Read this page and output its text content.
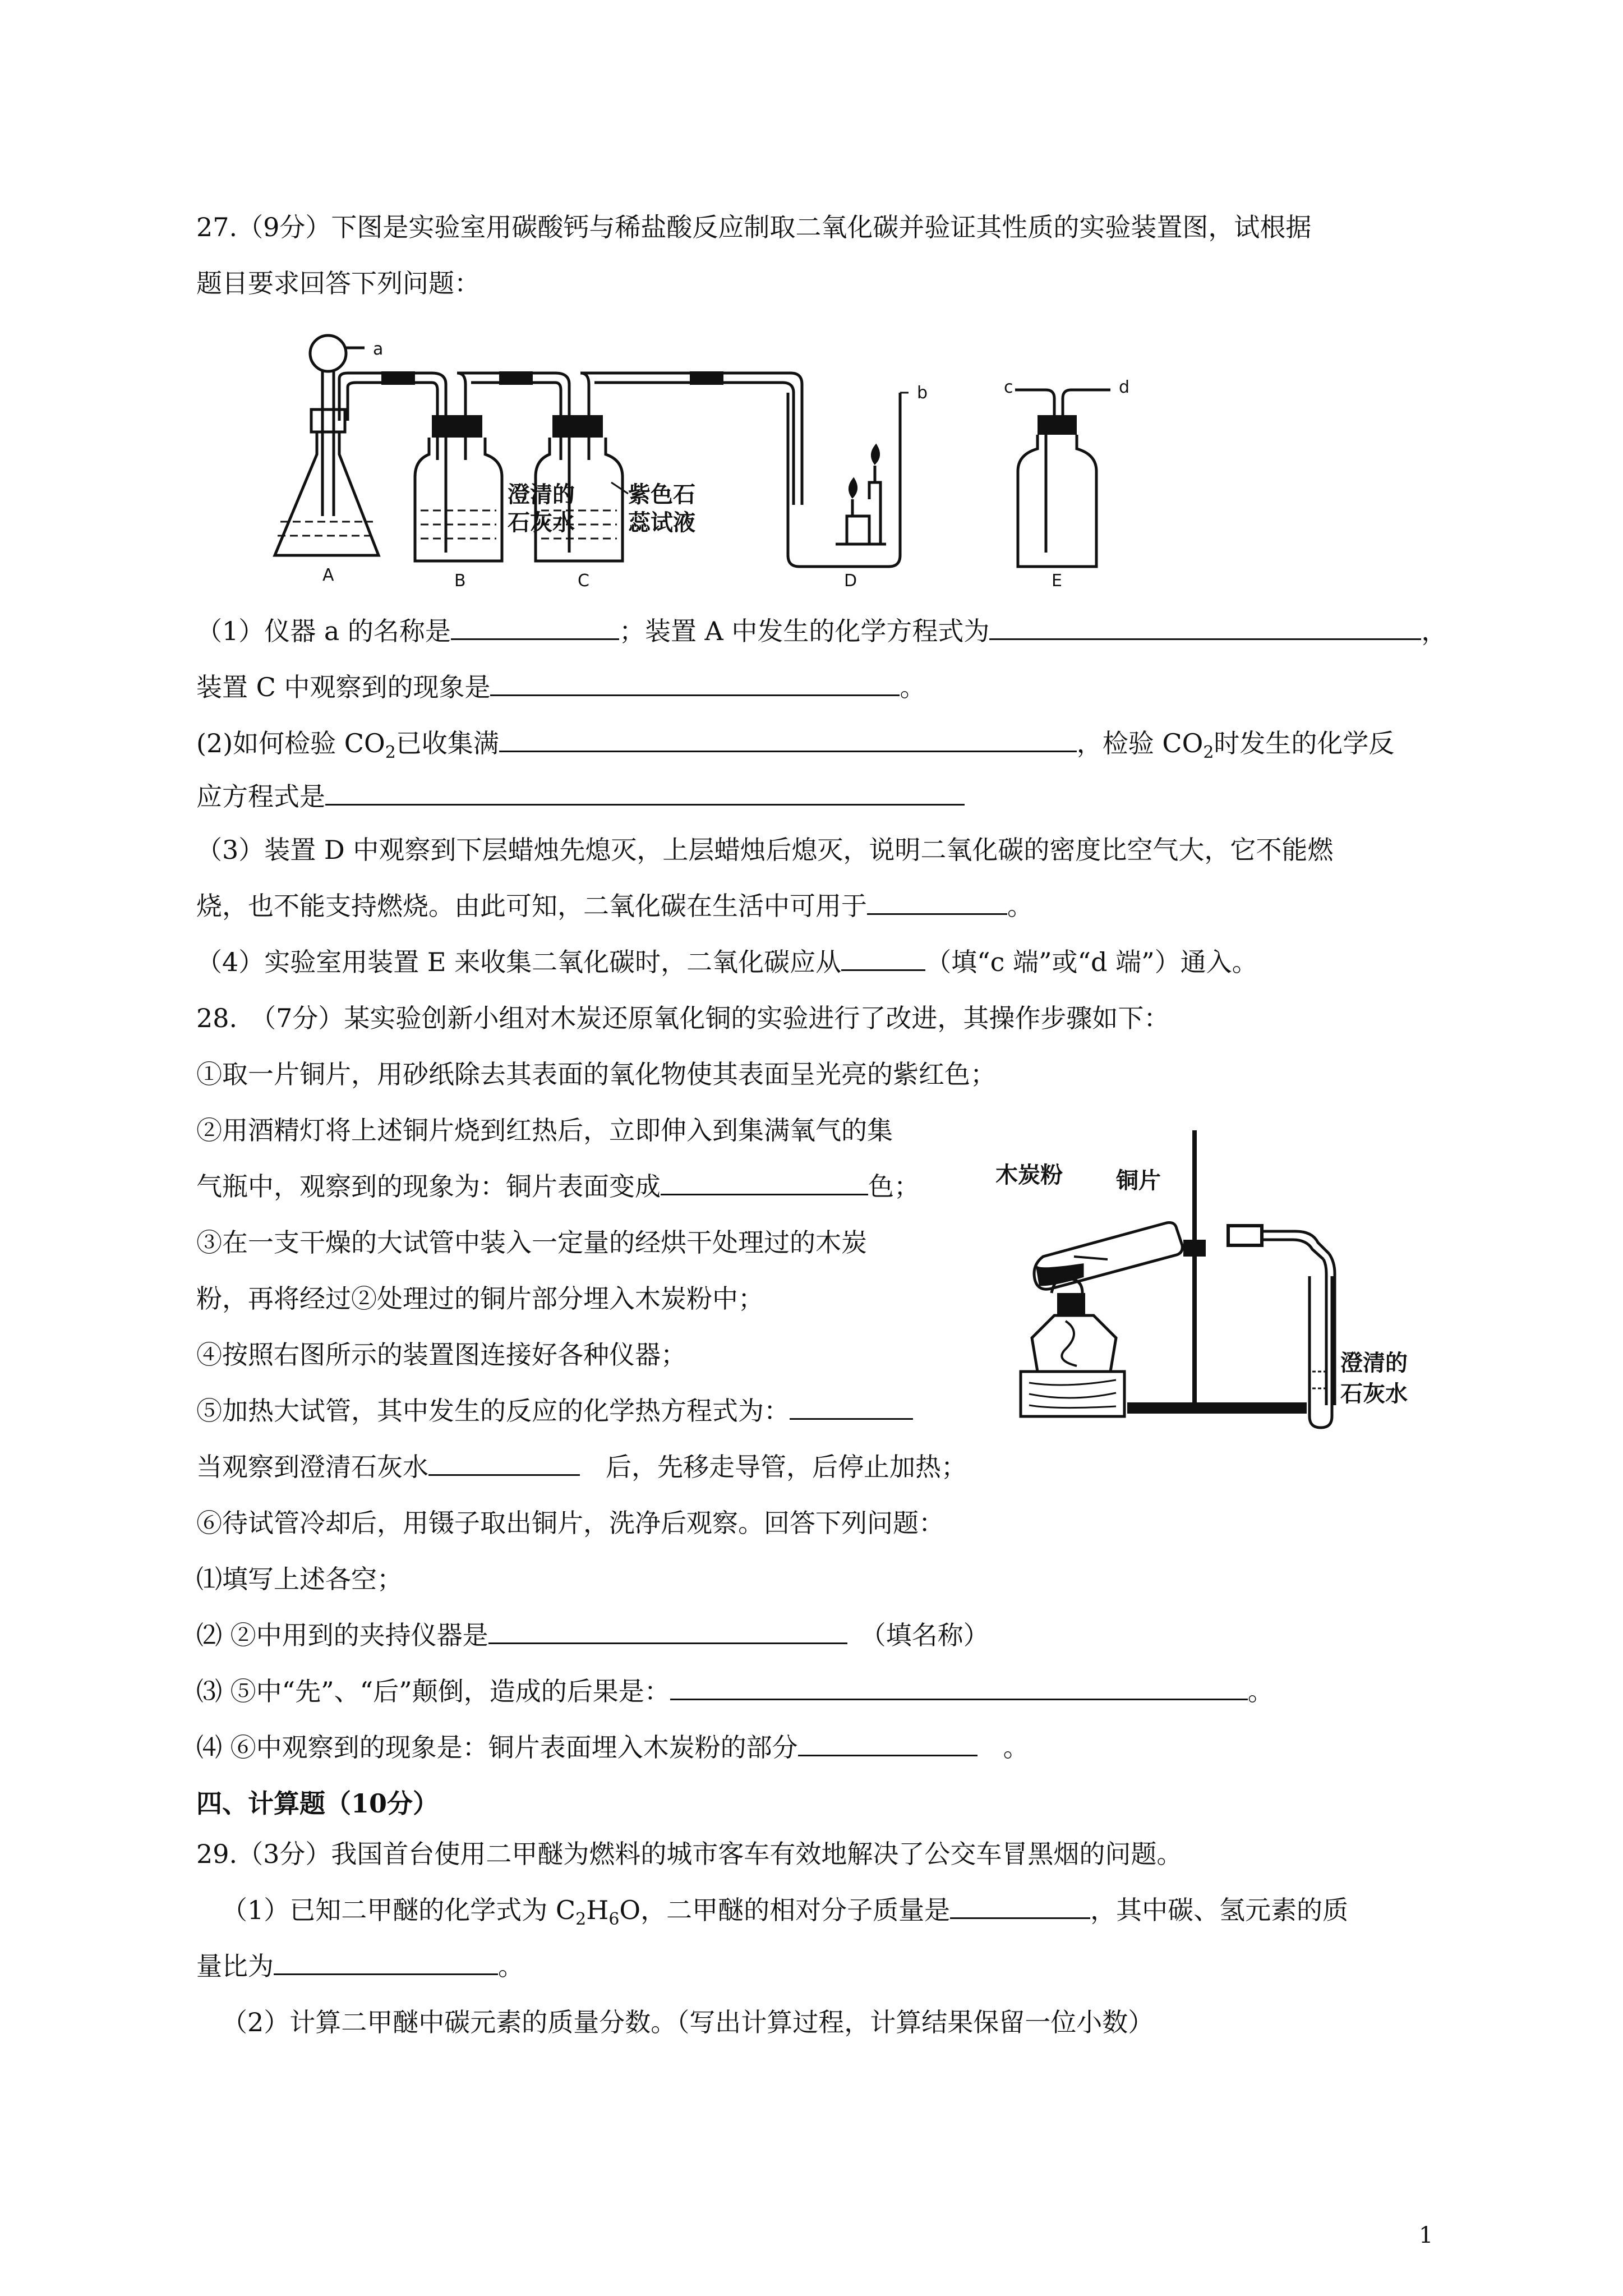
27.（9分）下图是实验室用碳酸钙与稀盐酸反应制取二氧化碳并验证其性质的实验装置图，试根据
题目要求回答下列问题：
a
A	B
澄清的
石灰水
C
紫色石
蕊试液
b
D
c	d
E
（1）仪器 a 的名称是	；装置 A 中发生的化学方程式为	，
装置 C 中观察到的现象是	。
(2)如何检验 $CO_2$已收集满	，检验 $CO_2$时发生的化学反
应方程式是
（3）装置 D 中观察到下层蜡烛先熄灭，上层蜡烛后熄灭，说明二氧化碳的密度比空气大，它不能燃
烧，也不能支持燃烧。由此可知，二氧化碳在生活中可用于	。
（4）实验室用装置 E 来收集二氧化碳时，二氧化碳应从	（填“c 端”或“d 端”）通入。
28.　（7分）某实验创新小组对木炭还原氧化铜的实验进行了改进，其操作步骤如下：
①取一片铜片，用砂纸除去其表面的氧化物使其表面呈光亮的紫红色；
②用酒精灯将上述铜片烧到红热后，立即伸入到集满氧气的集
气瓶中，观察到的现象为：铜片表面变成	色；
③在一支干燥的大试管中装入一定量的经烘干处理过的木炭
粉，再将经过②处理过的铜片部分埋入木炭粉中；
④按照右图所示的装置图连接好各种仪器；
⑤加热大试管，其中发生的反应的化学热方程式为：
当观察到澄清石灰水　	后，先移走导管，后停止加热；
⑥待试管冷却后，用镊子取出铜片，洗净后观察。回答下列问题：
⑴填写上述各空；
⑵ ②中用到的夹持仪器是　	（填名称）
⑶ ⑤中“先”、“后”颠倒，造成的后果是：	。
⑷ ⑥中观察到的现象是：铜片表面埋入木炭粉的部分　	。
木炭粉 铜片
澄清的
石灰水
四、计算题（10分）
29.（3分）我国首台使用二甲醚为燃料的城市客车有效地解决了公交车冒黑烟的问题。
（1）已知二甲醚的化学式为 $C_2H_6O$，二甲醚的相对分子质量是	，其中碳、氢元素的质
量比为	。
（2）计算二甲醚中碳元素的质量分数。（写出计算过程，计算结果保留一位小数）
1
